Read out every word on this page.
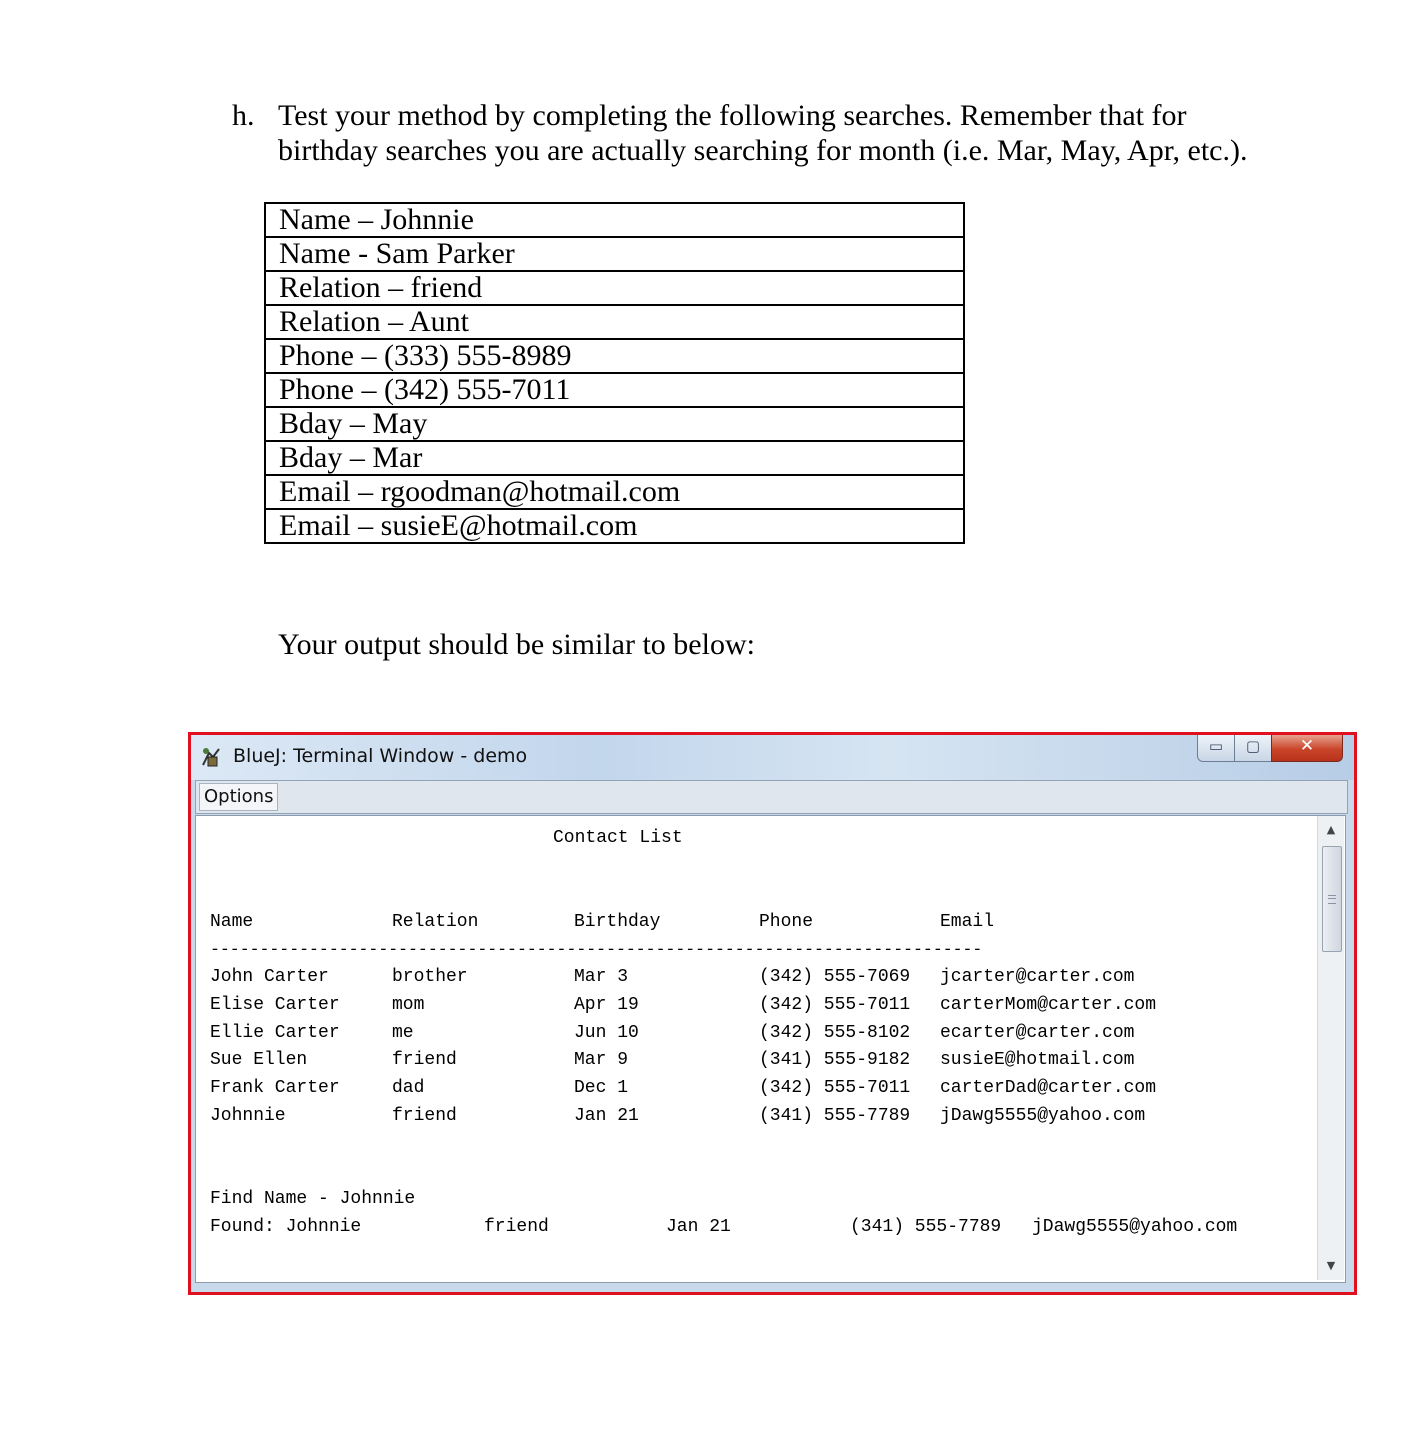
h. Test your method by completing the following searches. Remember that for
birthday searches you are actually searching for month (i.e. Mar, May, Apr, etc.).
Name – Johnnie
Name - Sam Parker
Relation – friend
Relation – Aunt
Phone – (333) 555-8989
Phone – (342) 555-7011
Bday – May
Bday – Mar
Email – rgoodman@hotmail.com
Email – susieE@hotmail.com
Your output should be similar to below:
BlueJ: Terminal Window - demo	▭	▢	✕
Options
Contact List
Name	Relation	Birthday	Phone	Email
------------------------------------------------------------------------------
John Carter	brother	Mar 3	(342) 555-7069 jcarter@carter.com
Elise Carter	mom	Apr 19	(342) 555-7011 carterMom@carter.com
Ellie Carter	me	Jun 10	(342) 555-8102 ecarter@carter.com
Sue Ellen	friend	Mar 9	(341) 555-9182 susieE@hotmail.com
Frank Carter	dad	Dec 1	(342) 555-7011 carterDad@carter.com
Johnnie	friend	Jan 21	(341) 555-7789 jDawg5555@yahoo.com
Find Name - Johnnie
Found: Johnnie	friend	Jan 21	(341) 555-7789 jDawg5555@yahoo.com
▲
▼
